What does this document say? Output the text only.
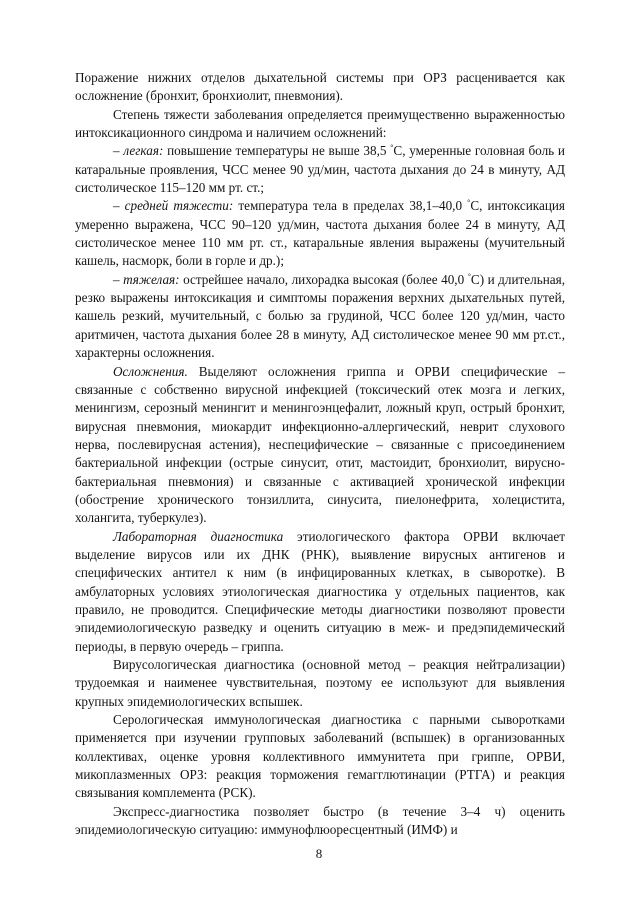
Поражение нижних отделов дыхательной системы при ОРЗ расценивается как осложнение (бронхит, бронхиолит, пневмония).

Степень тяжести заболевания определяется преимущественно выраженностью интоксикационного синдрома и наличием осложнений:

– легкая: повышение температуры не выше 38,5 °С, умеренные головная боль и катаральные проявления, ЧСС менее 90 уд/мин, частота дыхания до 24 в минуту, АД систолическое 115–120 мм рт. ст.;

– средней тяжести: температура тела в пределах 38,1–40,0 °С, интоксикация умеренно выражена, ЧСС 90–120 уд/мин, частота дыхания более 24 в минуту, АД систолическое менее 110 мм рт. ст., катаральные явления выражены (мучительный кашель, насморк, боли в горле и др.);

– тяжелая: острейшее начало, лихорадка высокая (более 40,0 °С) и длительная, резко выражены интоксикация и симптомы поражения верхних дыхательных путей, кашель резкий, мучительный, с болью за грудиной, ЧСС более 120 уд/мин, часто аритмичен, частота дыхания более 28 в минуту, АД систолическое менее 90 мм рт.ст., характерны осложнения.

Осложнения. Выделяют осложнения гриппа и ОРВИ специфические – связанные с собственно вирусной инфекцией (токсический отек мозга и легких, менингизм, серозный менингит и менингоэнцефалит, ложный круп, острый бронхит, вирусная пневмония, миокардит инфекционно-аллергический, неврит слухового нерва, послевирусная астения), неспецифические – связанные с присоединением бактериальной инфекции (острые синусит, отит, мастоидит, бронхиолит, вирусно-бактериальная пневмония) и связанные с активацией хронической инфекции (обострение хронического тонзиллита, синусита, пиелонефрита, холецистита, холангита, туберкулез).

Лабораторная диагностика этиологического фактора ОРВИ включает выделение вирусов или их ДНК (РНК), выявление вирусных антигенов и специфических антител к ним (в инфицированных клетках, в сыворотке). В амбулаторных условиях этиологическая диагностика у отдельных пациентов, как правило, не проводится. Специфические методы диагностики позволяют провести эпидемиологическую разведку и оценить ситуацию в меж- и предэпидемический периоды, в первую очередь – гриппа.

Вирусологическая диагностика (основной метод – реакция нейтрализации) трудоемкая и наименее чувствительная, поэтому ее используют для выявления крупных эпидемиологических вспышек.

Серологическая иммунологическая диагностика с парными сыворотками применяется при изучении групповых заболеваний (вспышек) в организованных коллективах, оценке уровня коллективного иммунитета при гриппе, ОРВИ, микоплазменных ОРЗ: реакция торможения гемагглютинации (РТГА) и реакция связывания комплемента (РСК).

Экспресс-диагностика позволяет быстро (в течение 3–4 ч) оценить эпидемиологическую ситуацию: иммунофлюоресцентный (ИМФ) и

8
